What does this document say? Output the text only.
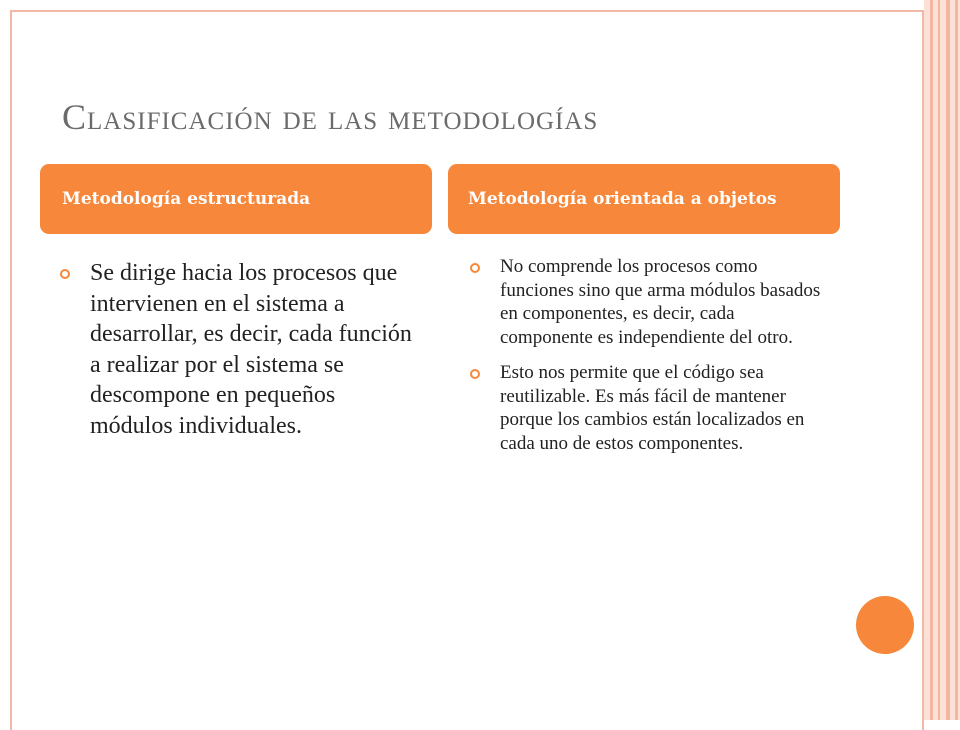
Clasificación de las metodologías
Metodología estructurada	Metodología orientada a objetos
Se dirige hacia los procesos que intervienen en el sistema a desarrollar, es decir, cada función a realizar por el sistema se descompone en pequeños módulos individuales.
No comprende los procesos como funciones sino que arma módulos basados en componentes, es decir, cada componente es independiente del otro.
Esto nos permite que el código sea reutilizable. Es más fácil de mantener porque los cambios están localizados en cada uno de estos componentes.
